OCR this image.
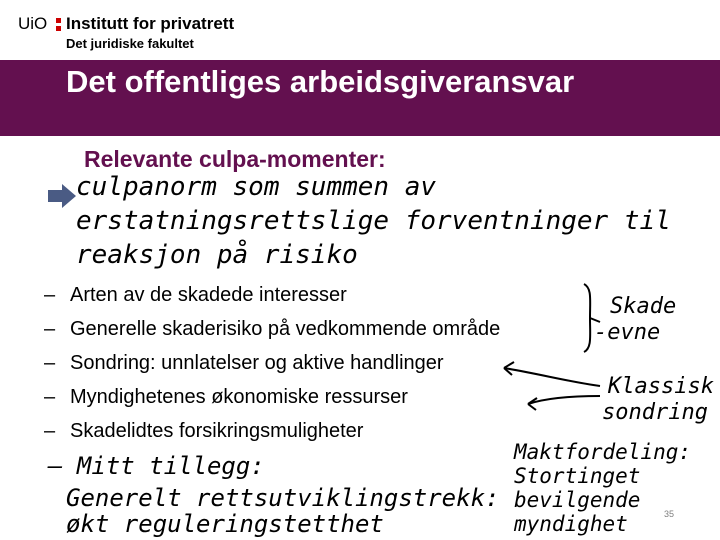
UiO Institutt for privatrett
Det juridiske fakultet
Det offentliges arbeidsgiveransvar
Relevante culpa-momenter:
culpanorm som summen av
erstatningsrettslige forventninger til
reaksjon på risiko
– Arten av de skadede interesser
– Generelle skaderisiko på vedkommende område
– Sondring: unnlatelser og aktive handlinger
– Myndighetenes økonomiske ressurser
– Skadelidtes forsikringsmuligheter
– Mitt tillegg:
Generelt rettsutviklingstrekk:
økt reguleringstetthet
Skade
-evne
Klassisk
sondring
Maktfordeling:
Stortinget
bevilgende
myndighet	35
